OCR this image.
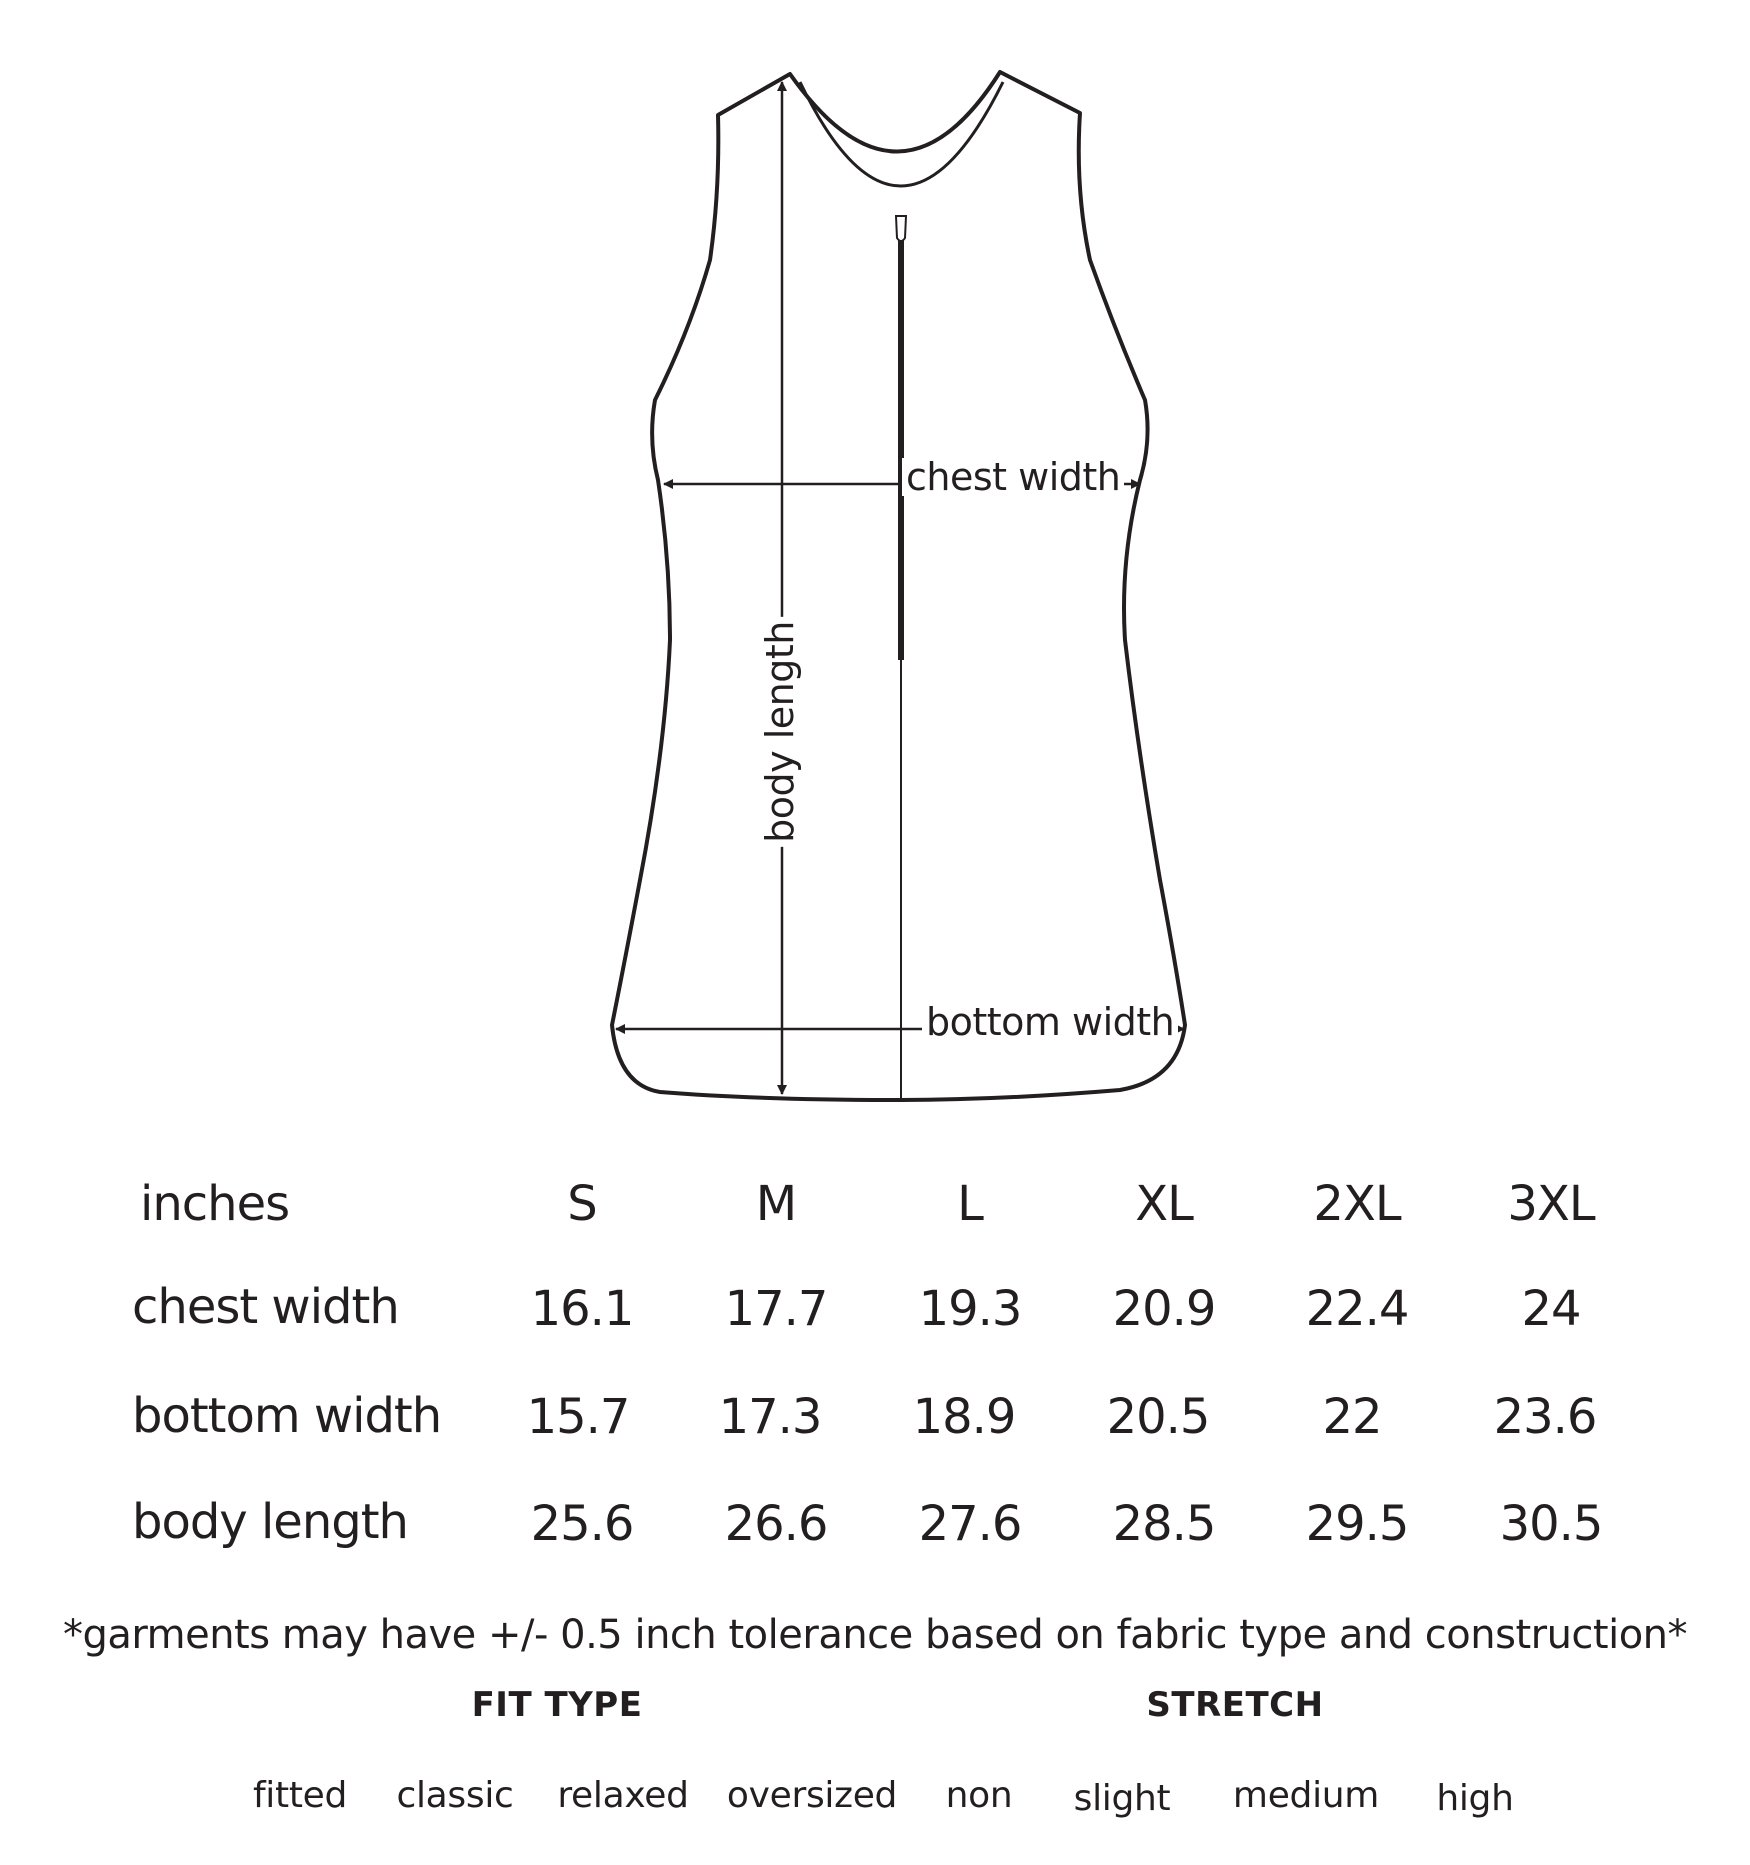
chest width
bottom width
body length
inches	S	M	L	XL	2XL	3XL
chest width	16.1	17.7	19.3	20.9	22.4	24
bottom width	15.7	17.3	18.9	20.5	22	23.6
body length	25.6	26.6	27.6	28.5	29.5	30.5
*garments may have +/- 0.5 inch tolerance based on fabric type and construction*
FIT TYPE
fitted	classic	relaxed	oversized
STRETCH
non	slight	medium	high
